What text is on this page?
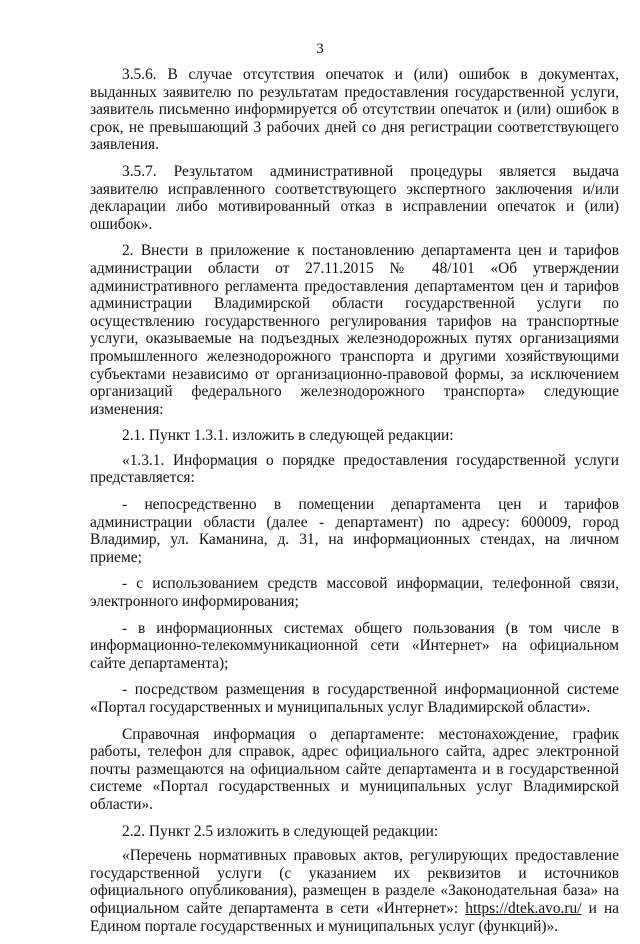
3

3.5.6. В случае отсутствия опечаток и (или) ошибок в документах, выданных заявителю по результатам предоставления государственной услуги, заявитель письменно информируется об отсутствии опечаток и (или) ошибок в срок, не превышающий 3 рабочих дней со дня регистрации соответствующего заявления.

3.5.7. Результатом административной процедуры является выдача заявителю исправленного соответствующего экспертного заключения и/или декларации либо мотивированный отказ в исправлении опечаток и (или) ошибок».

2. Внести в приложение к постановлению департамента цен и тарифов администрации области от 27.11.2015 № 48/101 «Об утверждении административного регламента предоставления департаментом цен и тарифов администрации Владимирской области государственной услуги по осуществлению государственного регулирования тарифов на транспортные услуги, оказываемые на подъездных железнодорожных путях организациями промышленного железнодорожного транспорта и другими хозяйствующими субъектами независимо от организационно-правовой формы, за исключением организаций федерального железнодорожного транспорта» следующие изменения:

2.1. Пункт 1.3.1. изложить в следующей редакции:

«1.3.1. Информация о порядке предоставления государственной услуги представляется:

- непосредственно в помещении департамента цен и тарифов администрации области (далее - департамент) по адресу: 600009, город Владимир, ул. Каманина, д. 31, на информационных стендах, на личном приеме;

- с использованием средств массовой информации, телефонной связи, электронного информирования;

- в информационных системах общего пользования (в том числе в информационно-телекоммуникационной сети «Интернет» на официальном сайте департамента);

- посредством размещения в государственной информационной системе «Портал государственных и муниципальных услуг Владимирской области».

Справочная информация о департаменте: местонахождение, график работы, телефон для справок, адрес официального сайта, адрес электронной почты размещаются на официальном сайте департамента и в государственной системе «Портал государственных и муниципальных услуг Владимирской области».

2.2. Пункт 2.5 изложить в следующей редакции:

«Перечень нормативных правовых актов, регулирующих предоставление государственной услуги (с указанием их реквизитов и источников официального опубликования), размещен в разделе «Законодательная база» на официальном сайте департамента в сети «Интернет»: https://dtek.avo.ru/ и на Едином портале государственных и муниципальных услуг (функций)».
